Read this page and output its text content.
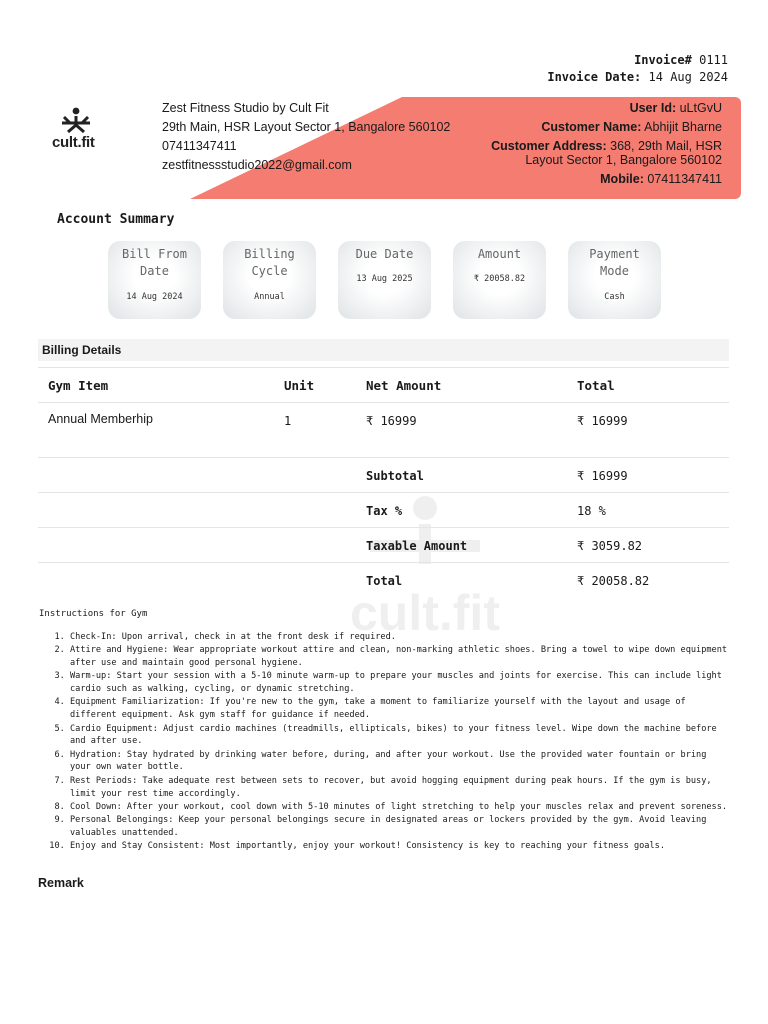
Invoice# 0111
Invoice Date: 14 Aug 2024
cult.fit
Zest Fitness Studio by Cult Fit
29th Main, HSR Layout Sector 1, Bangalore 560102
07411347411
zestfitnessstudio2022@gmail.com
User Id: uLtGvU
Customer Name: Abhijit Bharne
Customer Address: 368, 29th Mail, HSR Layout Sector 1, Bangalore 560102
Mobile: 07411347411
Account Summary
Bill From Date
14 Aug 2024
Billing Cycle
Annual
Due Date
13 Aug 2025
Amount
₹ 20058.82
Payment Mode
Cash
Billing Details
cult.fit
Gym Item	Unit	Net Amount	Total
Annual Memberhip	1	₹ 16999	₹ 16999
		Subtotal	₹ 16999
		Tax %	18 %
		Taxable Amount	₹ 3059.82
		Total	₹ 20058.82
Instructions for Gym
1. Check-In: Upon arrival, check in at the front desk if required.
2. Attire and Hygiene: Wear appropriate workout attire and clean, non-marking athletic shoes. Bring a towel to wipe down equipment after use and maintain good personal hygiene.
3. Warm-up: Start your session with a 5-10 minute warm-up to prepare your muscles and joints for exercise. This can include light cardio such as walking, cycling, or dynamic stretching.
4. Equipment Familiarization: If you're new to the gym, take a moment to familiarize yourself with the layout and usage of different equipment. Ask gym staff for guidance if needed.
5. Cardio Equipment: Adjust cardio machines (treadmills, ellipticals, bikes) to your fitness level. Wipe down the machine before and after use.
6. Hydration: Stay hydrated by drinking water before, during, and after your workout. Use the provided water fountain or bring your own water bottle.
7. Rest Periods: Take adequate rest between sets to recover, but avoid hogging equipment during peak hours. If the gym is busy, limit your rest time accordingly.
8. Cool Down: After your workout, cool down with 5-10 minutes of light stretching to help your muscles relax and prevent soreness.
9. Personal Belongings: Keep your personal belongings secure in designated areas or lockers provided by the gym. Avoid leaving valuables unattended.
10. Enjoy and Stay Consistent: Most importantly, enjoy your workout! Consistency is key to reaching your fitness goals.
Remark
